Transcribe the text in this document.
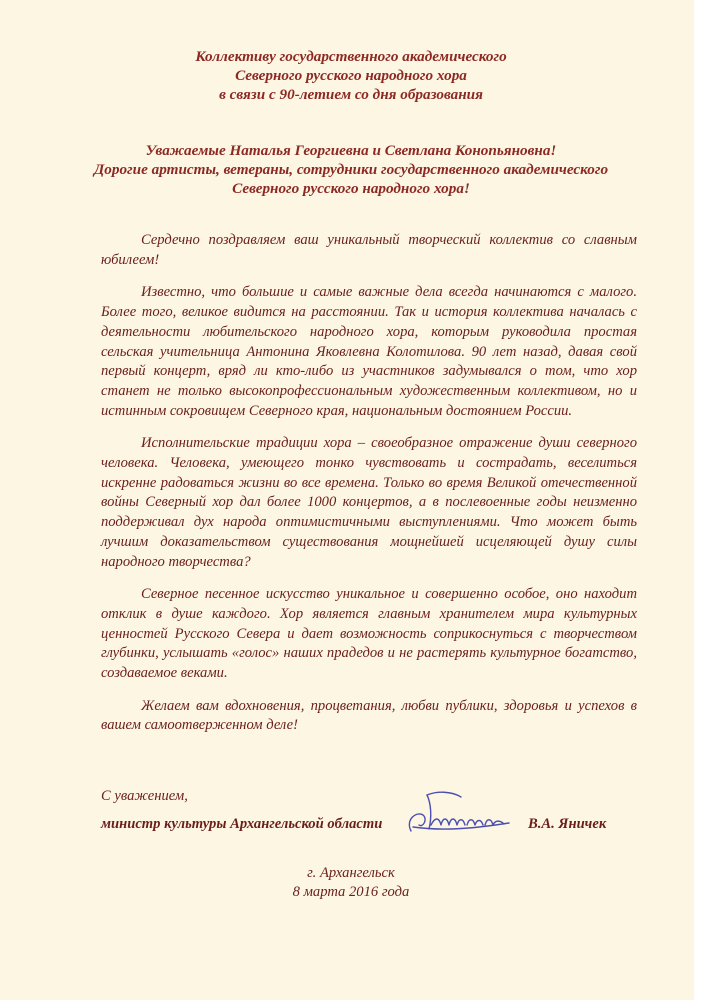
Коллективу государственного академического
Северного русского народного хора
в связи с 90-летием со дня образования
Уважаемые Наталья Георгиевна и Светлана Конопьяновна!
Дорогие артисты, ветераны, сотрудники государственного академического
Северного русского народного хора!

Сердечно поздравляем ваш уникальный творческий коллектив со славным юбилеем!

Известно, что большие и самые важные дела всегда начинаются с малого. Более того, великое видится на расстоянии. Так и история коллектива началась с деятельности любительского народного хора, которым руководила простая сельская учительница Антонина Яковлевна Колотилова. 90 лет назад, давая свой первый концерт, вряд ли кто-либо из участников задумывался о том, что хор станет не только высокопрофессиональным художественным коллективом, но и истинным сокровищем Северного края, национальным достоянием России.

Исполнительские традиции хора – своеобразное отражение души северного человека. Человека, умеющего тонко чувствовать и сострадать, веселиться искренне радоваться жизни во все времена. Только во время Великой отечественной войны Северный хор дал более 1000 концертов, а в послевоенные годы неизменно поддерживал дух народа оптимистичными выступлениями. Что может быть лучшим доказательством существования мощнейшей исцеляющей душу силы народного творчества?

Северное песенное искусство уникальное и совершенно особое, оно находит отклик в душе каждого. Хор является главным хранителем мира культурных ценностей Русского Севера и дает возможность соприкоснуться с творчеством глубинки, услышать «голос» наших прадедов и не растерять культурное богатство, создаваемое веками.

Желаем вам вдохновения, процветания, любви публики, здоровья и успехов в вашем самоотверженном деле!

С уважением,
министр культуры Архангельской области	В.А. Яничек
г. Архангельск
8 марта 2016 года
